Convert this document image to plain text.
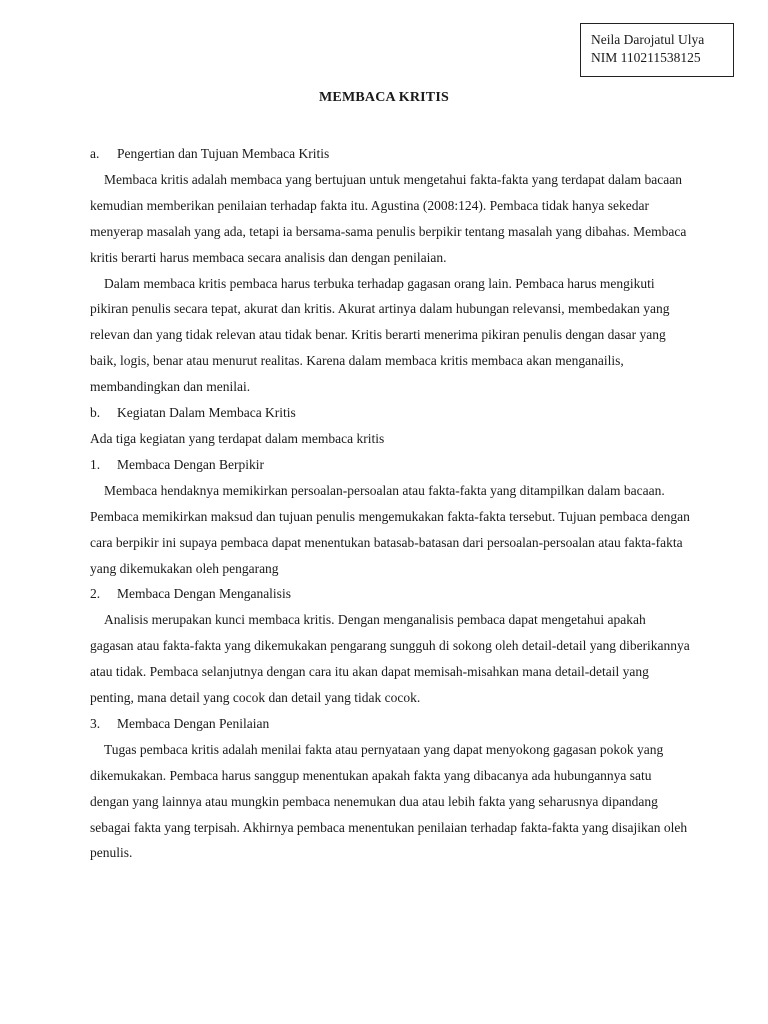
Neila Darojatul Ulya
NIM 110211538125
MEMBACA KRITIS
a.	Pengertian dan Tujuan Membaca Kritis

Membaca kritis adalah membaca yang bertujuan untuk mengetahui fakta-fakta yang terdapat dalam bacaan kemudian memberikan penilaian terhadap fakta itu. Agustina (2008:124). Pembaca tidak hanya sekedar menyerap masalah yang ada, tetapi ia bersama-sama penulis berpikir tentang masalah yang dibahas. Membaca kritis berarti harus membaca secara analisis dan dengan penilaian.

Dalam membaca kritis pembaca harus terbuka terhadap gagasan orang lain. Pembaca harus mengikuti pikiran penulis secara tepat, akurat dan kritis. Akurat artinya dalam hubungan relevansi, membedakan yang relevan dan yang tidak relevan atau tidak benar. Kritis berarti menerima pikiran penulis dengan dasar yang baik, logis, benar atau menurut realitas. Karena dalam membaca kritis membaca akan menganailis, membandingkan dan menilai.

b.	Kegiatan Dalam Membaca Kritis

Ada tiga kegiatan yang terdapat dalam membaca kritis

1.	Membaca Dengan Berpikir

Membaca hendaknya memikirkan persoalan-persoalan atau fakta-fakta yang ditampilkan dalam bacaan. Pembaca memikirkan maksud dan tujuan penulis mengemukakan fakta-fakta tersebut. Tujuan pembaca dengan cara berpikir ini supaya pembaca dapat menentukan batasab-batasan dari persoalan-persoalan atau fakta-fakta yang dikemukakan oleh pengarang

2.	Membaca Dengan Menganalisis

Analisis merupakan kunci membaca kritis. Dengan menganalisis pembaca dapat mengetahui apakah gagasan atau fakta-fakta yang dikemukakan pengarang sungguh di sokong oleh detail-detail yang diberikannya atau tidak. Pembaca selanjutnya dengan cara itu akan dapat memisah-misahkan mana detail-detail yang penting, mana detail yang cocok dan detail yang tidak cocok.

3.	Membaca Dengan Penilaian

Tugas pembaca kritis adalah menilai fakta atau pernyataan yang dapat menyokong gagasan pokok yang dikemukakan. Pembaca harus sanggup menentukan apakah fakta yang dibacanya ada hubungannya satu dengan yang lainnya atau mungkin pembaca nenemukan dua atau lebih fakta yang seharusnya dipandang sebagai fakta yang terpisah. Akhirnya pembaca menentukan penilaian terhadap fakta-fakta yang disajikan oleh penulis.
